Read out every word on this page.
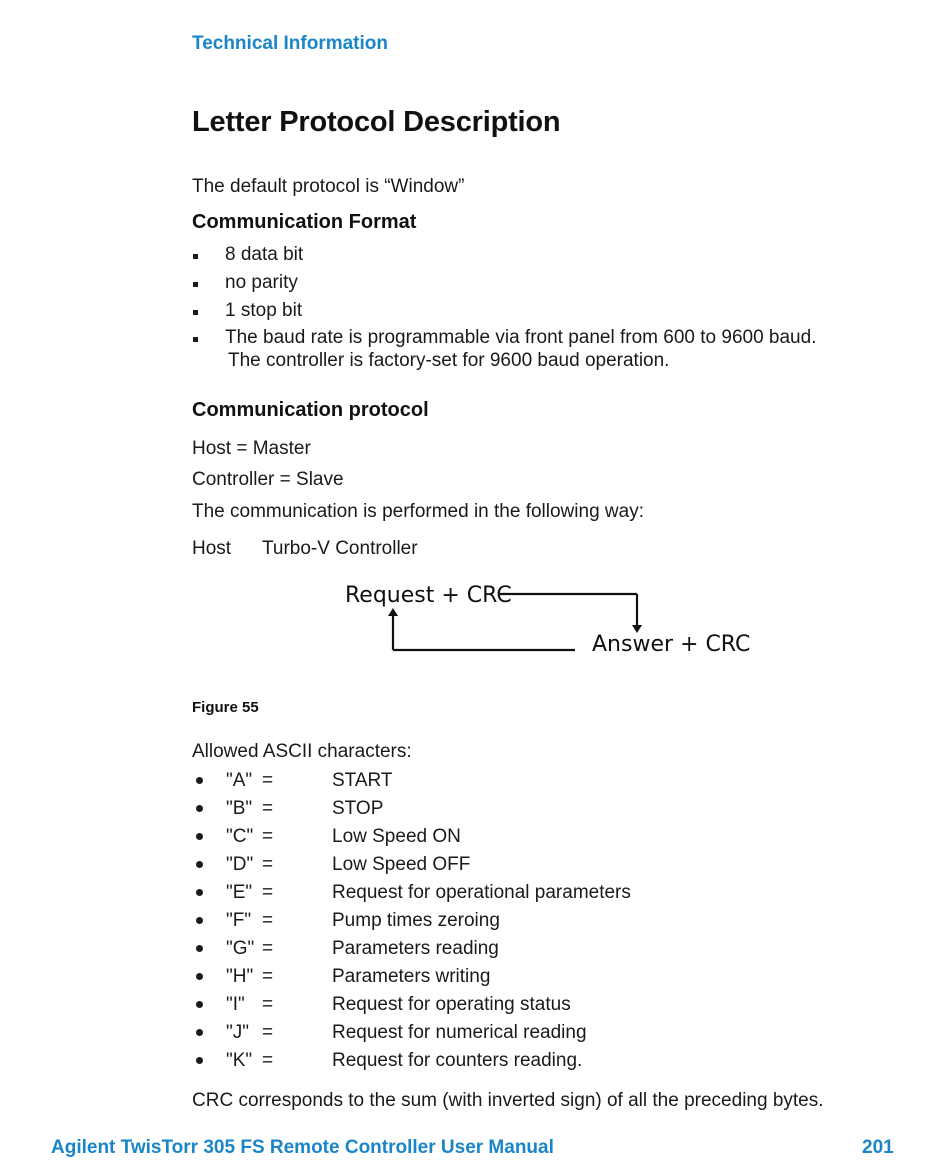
Technical Information
Letter Protocol Description
The default protocol is “Window”
Communication Format
8 data bit
no parity
1 stop bit
The baud rate is programmable via front panel from 600 to 9600 baud.
The controller is factory-set for 9600 baud operation.
Communication protocol
Host = Master
Controller = Slave
The communication is performed in the following way:
Host Turbo-V Controller
Request + CRC
Answer + CRC
Figure 55
Allowed ASCII characters:
"A" =	START
"B" =	STOP
"C" =	Low Speed ON
"D" =	Low Speed OFF
"E" =	Request for operational parameters
"F" =	Pump times zeroing
"G" =	Parameters reading
"H" =	Parameters writing
"I" =	Request for operating status
"J" =	Request for numerical reading
"K" =	Request for counters reading.
CRC corresponds to the sum (with inverted sign) of all the preceding bytes.
Agilent TwisTorr 305 FS Remote Controller User Manual	201
